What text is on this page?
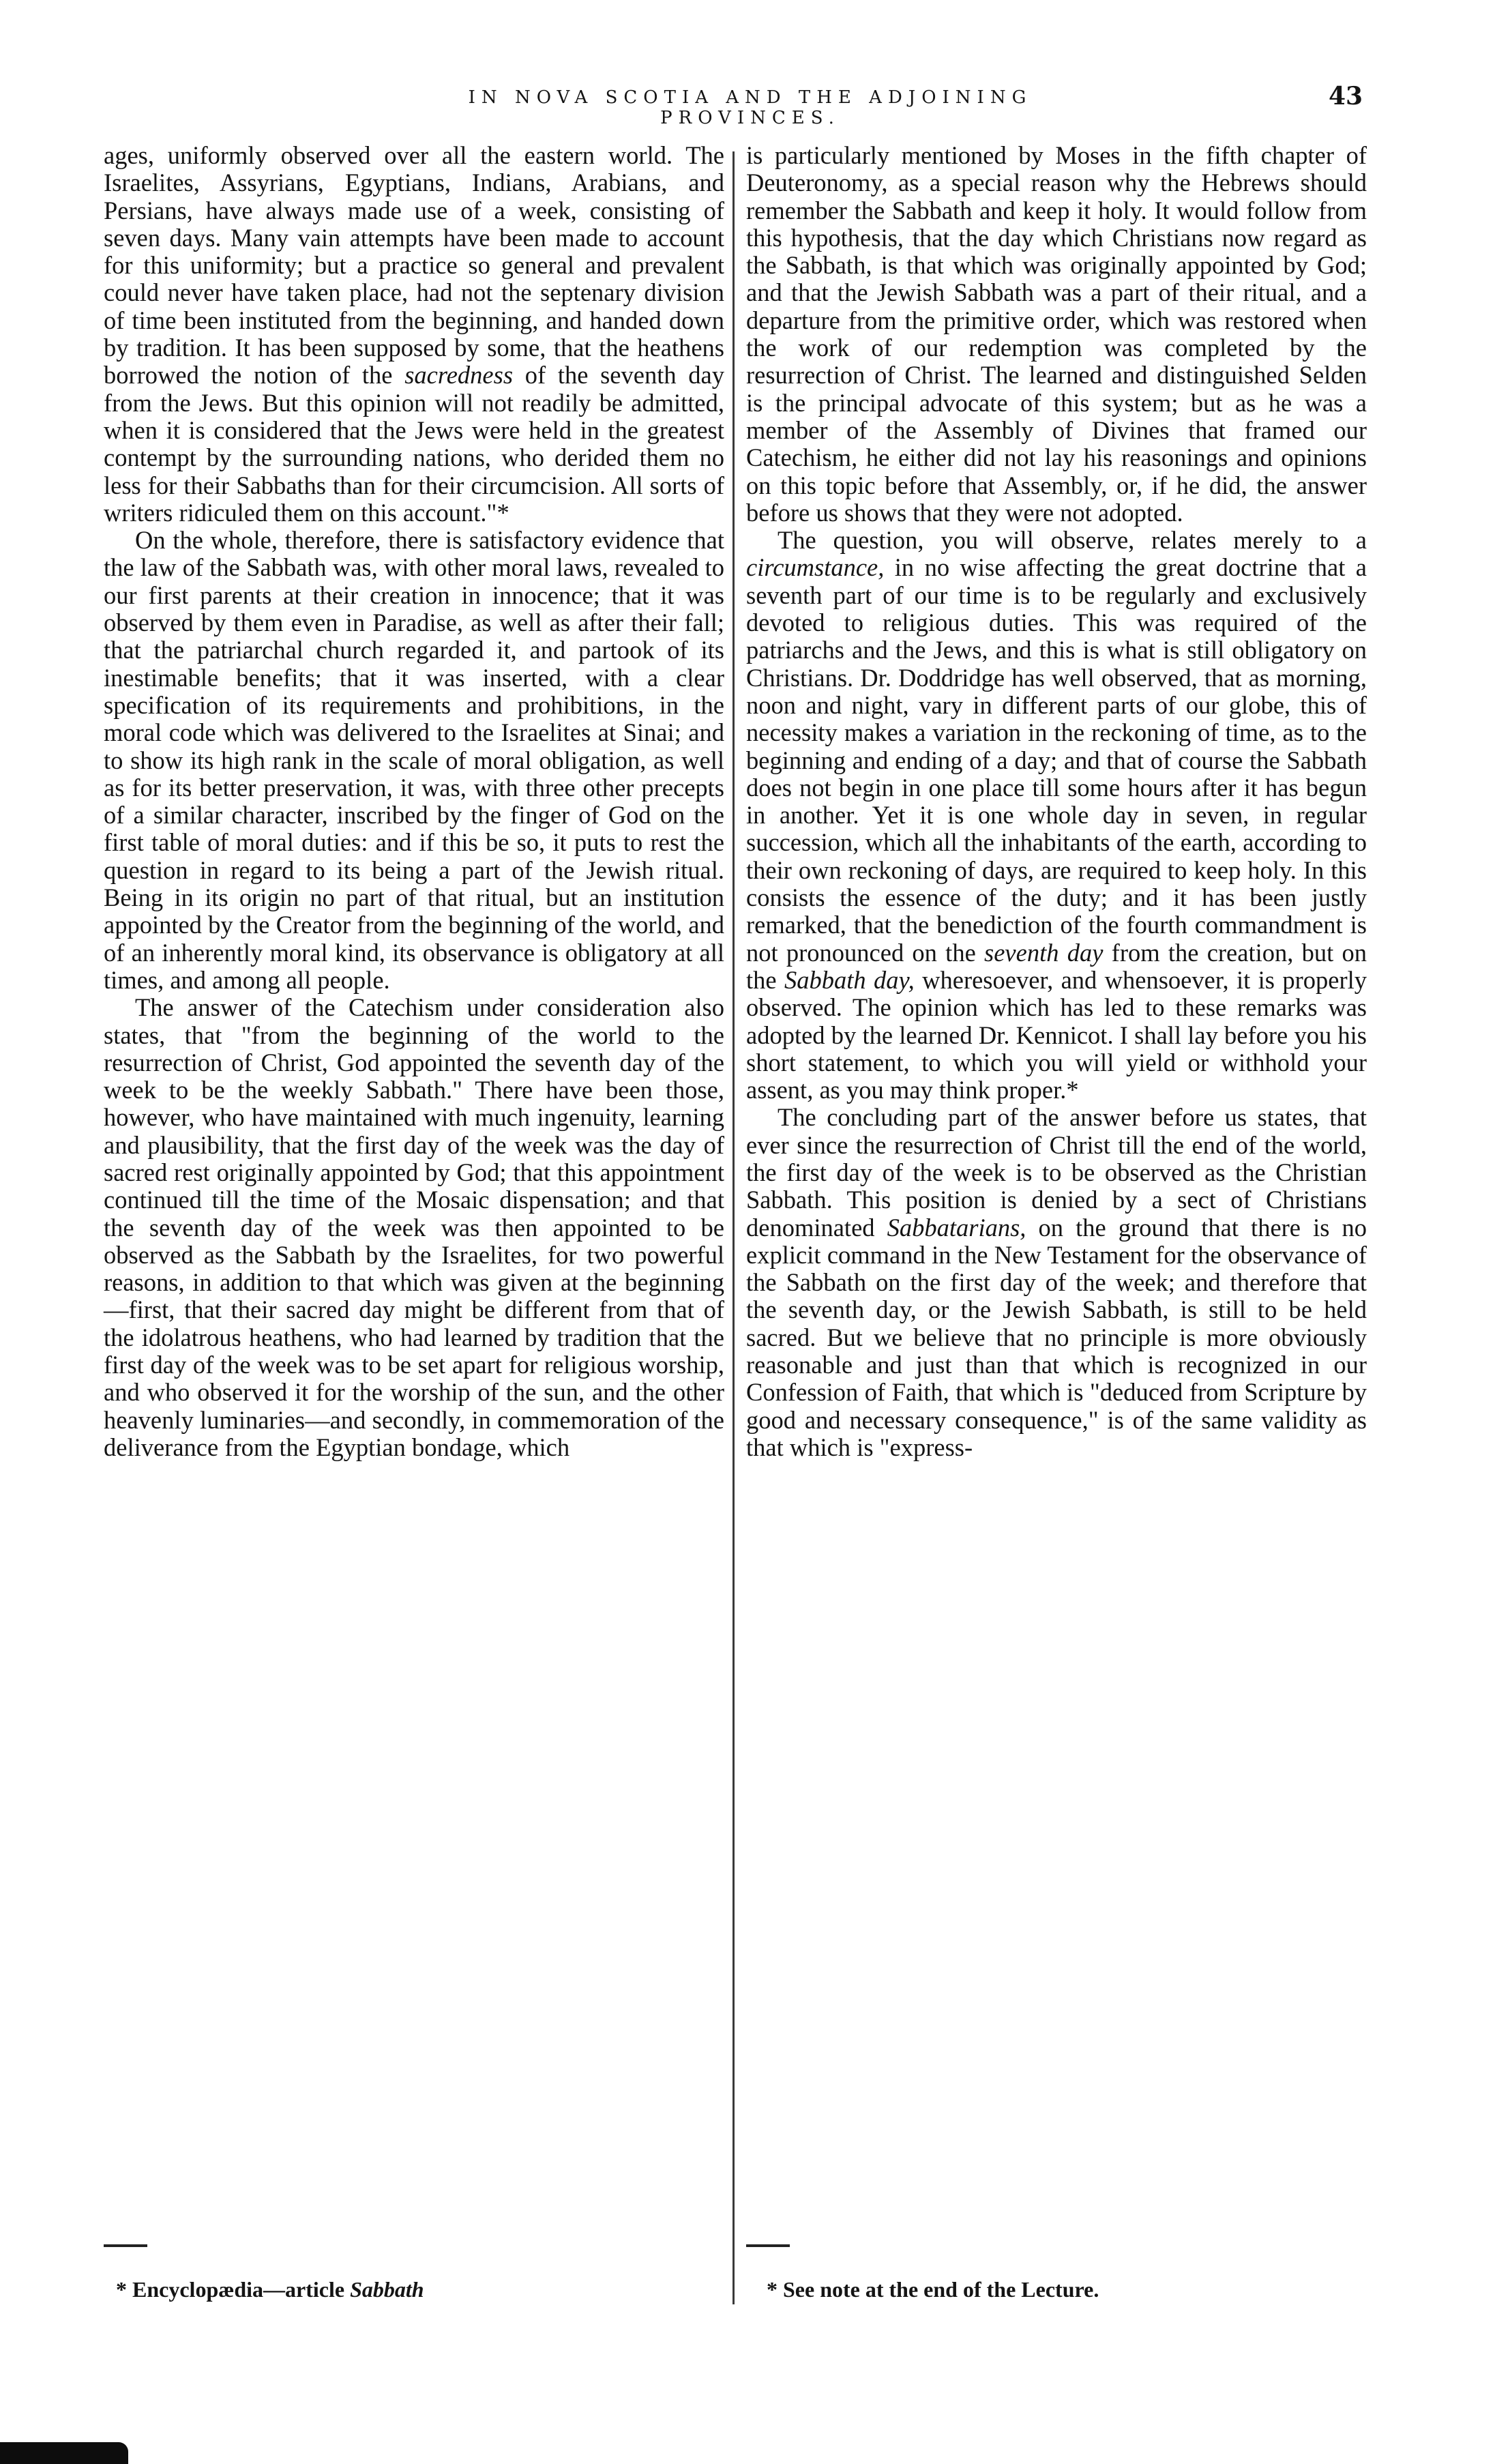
IN NOVA SCOTIA AND THE ADJOINING PROVINCES.
43

ages, uniformly observed over all the eastern world. The Israelites, Assyrians, Egyptians, Indians, Arabians, and Persians, have always made use of a week, consisting of seven days. Many vain attempts have been made to account for this uniformity; but a practice so general and prevalent could never have taken place, had not the septenary division of time been instituted from the beginning, and handed down by tradition. It has been supposed by some, that the heathens borrowed the notion of the sacredness of the seventh day from the Jews. But this opinion will not readily be admitted, when it is considered that the Jews were held in the greatest contempt by the surrounding nations, who derided them no less for their Sabbaths than for their circumcision. All sorts of writers ridiculed them on this account."*

On the whole, therefore, there is satisfactory evidence that the law of the Sabbath was, with other moral laws, revealed to our first parents at their creation in innocence; that it was observed by them even in Paradise, as well as after their fall; that the patriarchal church regarded it, and partook of its inestimable benefits; that it was inserted, with a clear specification of its requirements and prohibitions, in the moral code which was delivered to the Israelites at Sinai; and to show its high rank in the scale of moral obligation, as well as for its better preservation, it was, with three other precepts of a similar character, inscribed by the finger of God on the first table of moral duties: and if this be so, it puts to rest the question in regard to its being a part of the Jewish ritual. Being in its origin no part of that ritual, but an institution appointed by the Creator from the beginning of the world, and of an inherently moral kind, its observance is obligatory at all times, and among all people.

The answer of the Catechism under consideration also states, that "from the beginning of the world to the resurrection of Christ, God appointed the seventh day of the week to be the weekly Sabbath." There have been those, however, who have maintained with much ingenuity, learning and plausibility, that the first day of the week was the day of sacred rest originally appointed by God; that this appointment continued till the time of the Mosaic dispensation; and that the seventh day of the week was then appointed to be observed as the Sabbath by the Israelites, for two powerful reasons, in addition to that which was given at the beginning—first, that their sacred day might be different from that of the idolatrous heathens, who had learned by tradition that the first day of the week was to be set apart for religious worship, and who observed it for the worship of the sun, and the other heavenly luminaries—and secondly, in commemoration of the deliverance from the Egyptian bondage, which

is particularly mentioned by Moses in the fifth chapter of Deuteronomy, as a special reason why the Hebrews should remember the Sabbath and keep it holy. It would follow from this hypothesis, that the day which Christians now regard as the Sabbath, is that which was originally appointed by God; and that the Jewish Sabbath was a part of their ritual, and a departure from the primitive order, which was restored when the work of our redemption was completed by the resurrection of Christ. The learned and distinguished Selden is the principal advocate of this system; but as he was a member of the Assembly of Divines that framed our Catechism, he either did not lay his reasonings and opinions on this topic before that Assembly, or, if he did, the answer before us shows that they were not adopted.

The question, you will observe, relates merely to a circumstance, in no wise affecting the great doctrine that a seventh part of our time is to be regularly and exclusively devoted to religious duties. This was required of the patriarchs and the Jews, and this is what is still obligatory on Christians. Dr. Doddridge has well observed, that as morning, noon and night, vary in different parts of our globe, this of necessity makes a variation in the reckoning of time, as to the beginning and ending of a day; and that of course the Sabbath does not begin in one place till some hours after it has begun in another. Yet it is one whole day in seven, in regular succession, which all the inhabitants of the earth, according to their own reckoning of days, are required to keep holy. In this consists the essence of the duty; and it has been justly remarked, that the benediction of the fourth commandment is not pronounced on the seventh day from the creation, but on the Sabbath day, wheresoever, and whensoever, it is properly observed. The opinion which has led to these remarks was adopted by the learned Dr. Kennicot. I shall lay before you his short statement, to which you will yield or withhold your assent, as you may think proper.*

The concluding part of the answer before us states, that ever since the resurrection of Christ till the end of the world, the first day of the week is to be observed as the Christian Sabbath. This position is denied by a sect of Christians denominated Sabbatarians, on the ground that there is no explicit command in the New Testament for the observance of the Sabbath on the first day of the week; and therefore that the seventh day, or the Jewish Sabbath, is still to be held sacred. But we believe that no principle is more obviously reasonable and just than that which is recognized in our Confession of Faith, that which is "deduced from Scripture by good and necessary consequence," is of the same validity as that which is "express-

* Encyclopædia—article Sabbath	* See note at the end of the Lecture.
